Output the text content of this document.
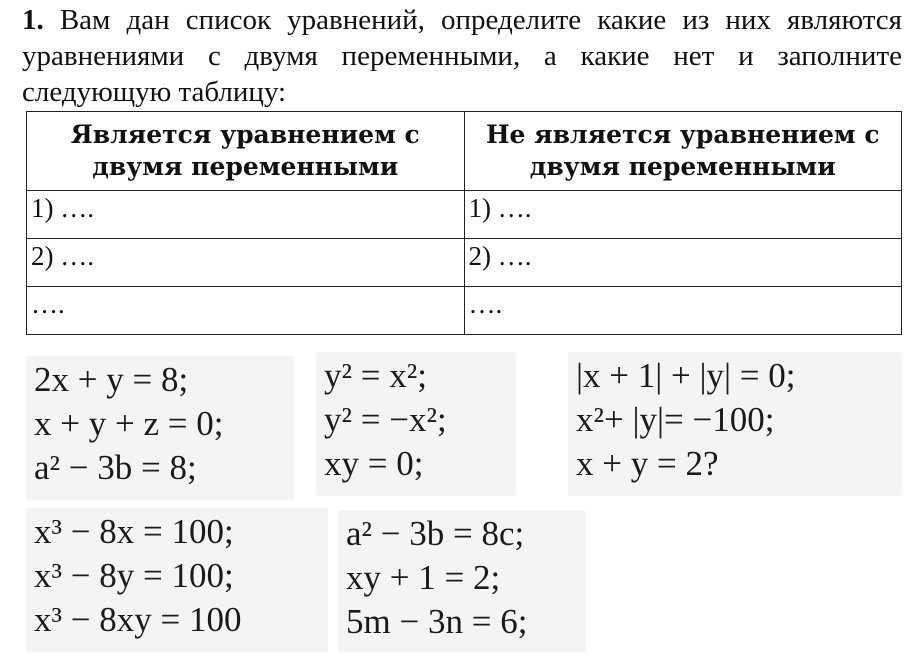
1. Вам дан список уравнений, определите какие из них являются уравнениями с двумя переменными, а какие нет и заполните следующую таблицу:
Является уравнением с двумя переменными	Не является уравнением с двумя переменными
1) ….	1) ….
2) ….	2) ….
….	….
2x + y = 8;
x + y + z = 0;
a² − 3b = 8;
y² = x²;
y² = −x²;
xy = 0;
|x + 1| + |y| = 0;
x²+ |y|= −100;
x + y = 2?
x³ − 8x = 100;
x³ − 8y = 100;
x³ − 8xy = 100
a² − 3b = 8c;
xy + 1 = 2;
5m − 3n = 6;
